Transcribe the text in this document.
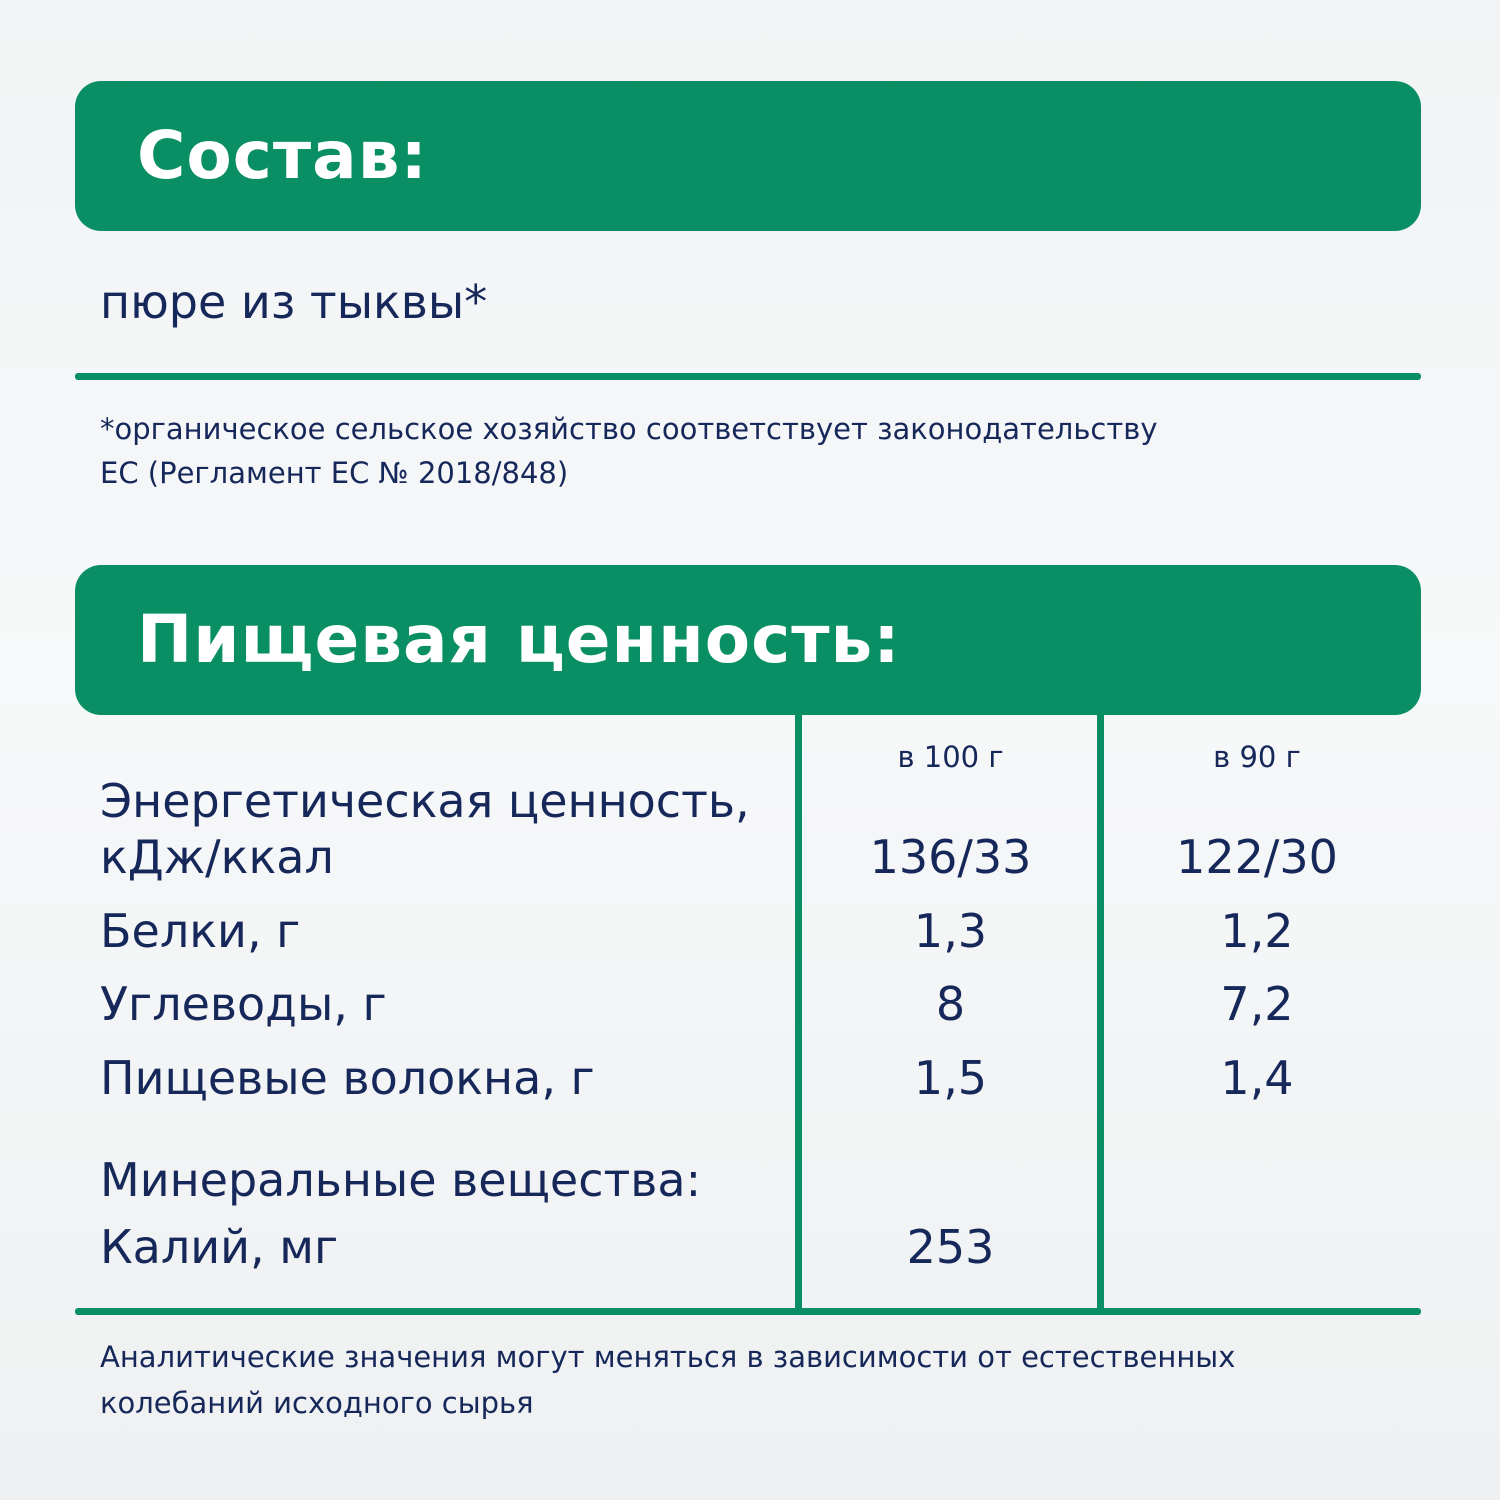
Состав:
пюре из тыквы*
*органическое сельское хозяйство соответствует законодательству
ЕС (Регламент ЕС № 2018/848)
Пищевая ценность:
в 100 г	в 90 г
Энергетическая ценность,
кДж/ккал	136/33	122/30
Белки, г	1,3	1,2
Углеводы, г	8	7,2
Пищевые волокна, г	1,5	1,4
Минеральные вещества:
Калий, мг	253
Аналитические значения могут меняться в зависимости от естественных
колебаний исходного сырья
